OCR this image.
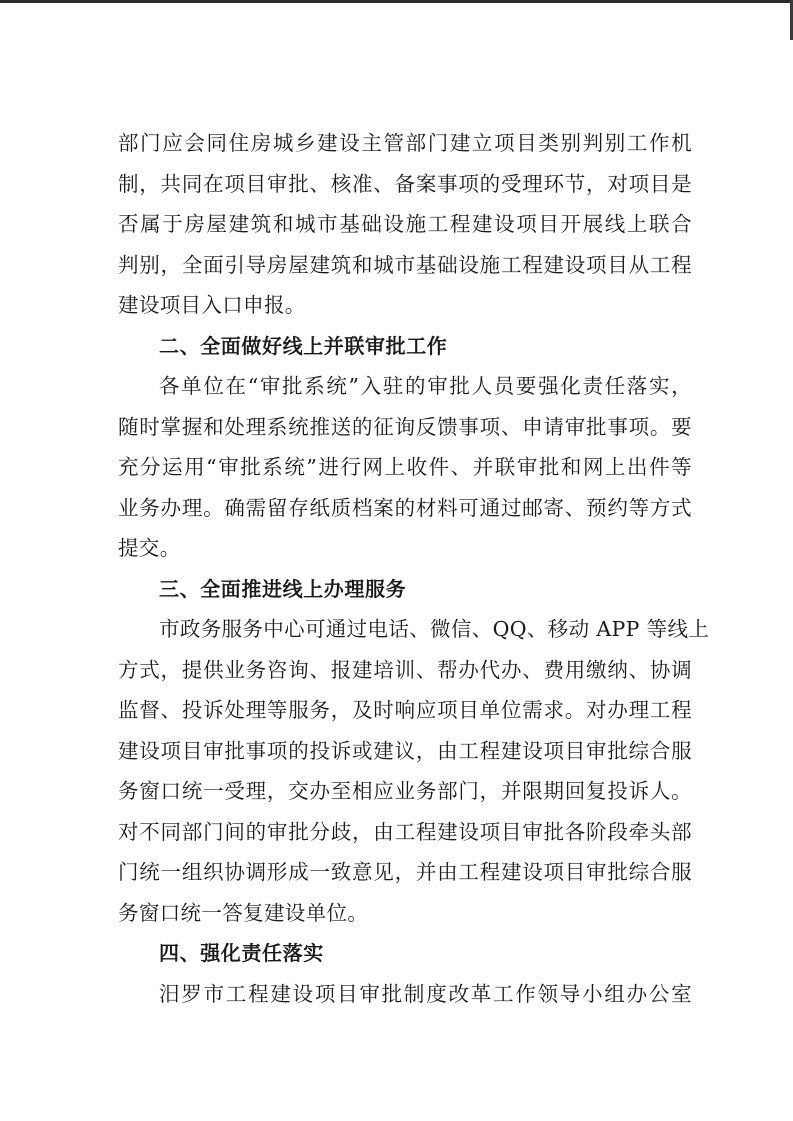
部门应会同住房城乡建设主管部门建立项目类别判别工作机
制，共同在项目审批、核准、备案事项的受理环节，对项目是
否属于房屋建筑和城市基础设施工程建设项目开展线上联合
判别，全面引导房屋建筑和城市基础设施工程建设项目从工程
建设项目入口申报。
二、全面做好线上并联审批工作
各单位在“审批系统”入驻的审批人员要强化责任落实，
随时掌握和处理系统推送的征询反馈事项、申请审批事项。要
充分运用“审批系统”进行网上收件、并联审批和网上出件等
业务办理。确需留存纸质档案的材料可通过邮寄、预约等方式
提交。
三、全面推进线上办理服务
市政务服务中心可通过电话、微信、QQ、移动 APP 等线上
方式，提供业务咨询、报建培训、帮办代办、费用缴纳、协调
监督、投诉处理等服务，及时响应项目单位需求。对办理工程
建设项目审批事项的投诉或建议，由工程建设项目审批综合服
务窗口统一受理，交办至相应业务部门，并限期回复投诉人。
对不同部门间的审批分歧，由工程建设项目审批各阶段牵头部
门统一组织协调形成一致意见，并由工程建设项目审批综合服
务窗口统一答复建设单位。
四、强化责任落实
汨罗市工程建设项目审批制度改革工作领导小组办公室
